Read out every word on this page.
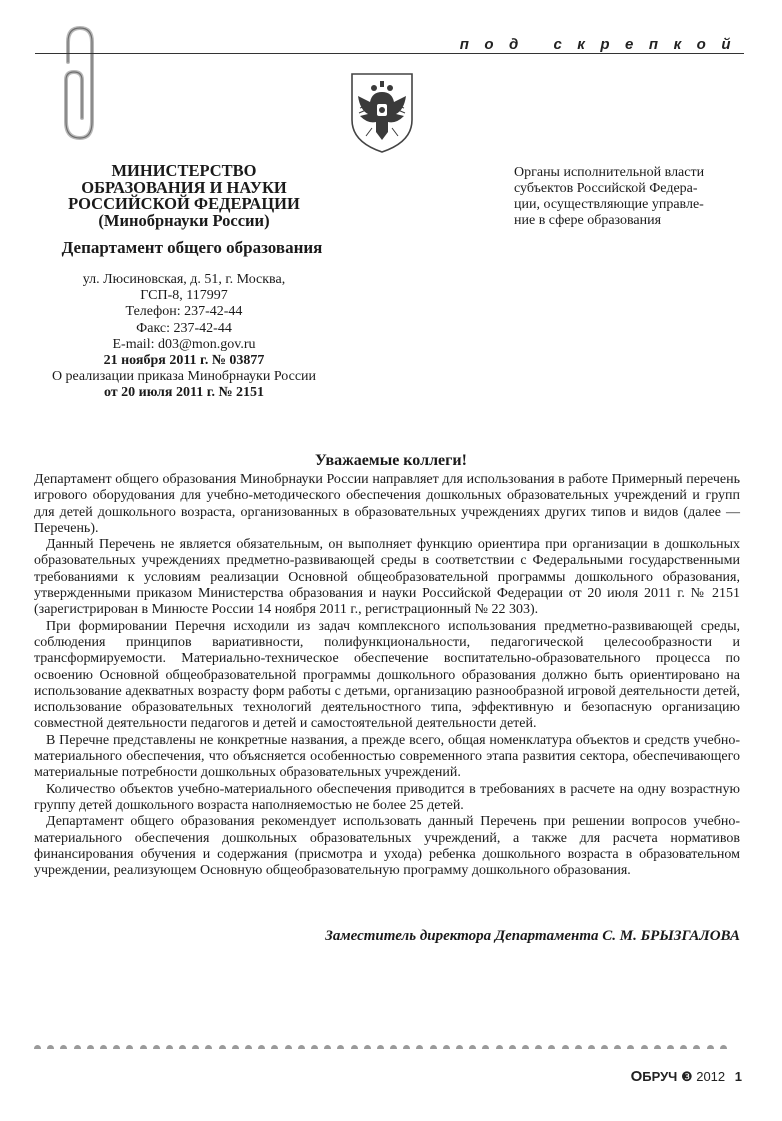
под скрепкой
МИНИСТЕРСТВО
ОБРАЗОВАНИЯ И НАУКИ
РОССИЙСКОЙ ФЕДЕРАЦИИ
(Минобрнауки России)
Департамент общего образования
ул. Люсиновская, д. 51, г. Москва,
ГСП-8, 117997
Телефон: 237-42-44
Факс: 237-42-44
E-mail: d03@mon.gov.ru
21 ноября 2011 г. № 03877
О реализации приказа Минобрнауки России
от 20 июля 2011 г. № 2151
Органы исполнительной власти
субъектов Российской Федера-
ции, осуществляющие управле-
ние в сфере образования
Уважаемые коллеги!

Департамент общего образования Минобрнауки России направляет для использования в работе Примерный перечень игрового оборудования для учебно-методического обеспечения дошкольных образовательных учреждений и групп для детей дошкольного возраста, организованных в образовательных учреждениях других типов и видов (далее — Перечень).

Данный Перечень не является обязательным, он выполняет функцию ориентира при организации в дошкольных образовательных учреждениях предметно-развивающей среды в соответствии с Федеральными государственными требованиями к условиям реализации Основной общеобразовательной программы дошкольного образования, утвержденными приказом Министерства образования и науки Российской Федерации от 20 июля 2011 г. № 2151 (зарегистрирован в Минюсте России 14 ноября 2011 г., регистрационный № 22 303).

При формировании Перечня исходили из задач комплексного использования предметно-развивающей среды, соблюдения принципов вариативности, полифункциональности, педагогической целесообразности и трансформируемости. Материально-техническое обеспечение воспитательно-образовательного процесса по освоению Основной общеобразовательной программы дошкольного образования должно быть ориентировано на использование адекватных возрасту форм работы с детьми, организацию разнообразной игровой деятельности детей, использование образовательных технологий деятельностного типа, эффективную и безопасную организацию совместной деятельности педагогов и детей и самостоятельной деятельности детей.

В Перечне представлены не конкретные названия, а прежде всего, общая номенклатура объектов и средств учебно-материального обеспечения, что объясняется особенностью современного этапа развития сектора, обеспечивающего материальные потребности дошкольных образовательных учреждений.

Количество объектов учебно-материального обеспечения приводится в требованиях в расчете на одну возрастную группу детей дошкольного возраста наполняемостью не более 25 детей.

Департамент общего образования рекомендует использовать данный Перечень при решении вопросов учебно-материального обеспечения дошкольных образовательных учреждений, а также для расчета нормативов финансирования обучения и содержания (присмотра и ухода) ребенка дошкольного возраста в образовательном учреждении, реализующем Основную общеобразовательную программу дошкольного образования.

Заместитель директора Департамента С. М. БРЫЗГАЛОВА
ОБРУЧ ❸ 2012 1
